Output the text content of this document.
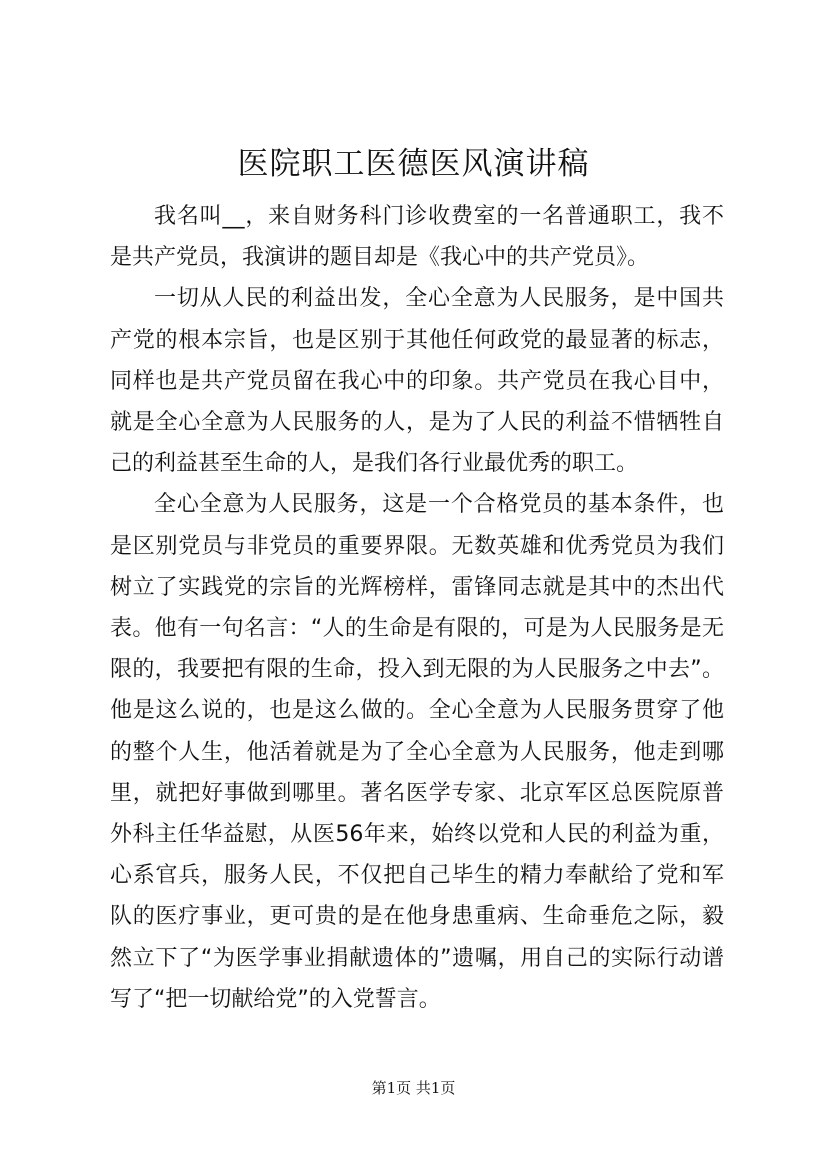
医院职工医德医风演讲稿

我名叫__，来自财务科门诊收费室的一名普通职工，我不是共产党员，我演讲的题目却是《我心中的共产党员》。

一切从人民的利益出发，全心全意为人民服务，是中国共产党的根本宗旨，也是区别于其他任何政党的最显著的标志，同样也是共产党员留在我心中的印象。共产党员在我心目中，就是全心全意为人民服务的人，是为了人民的利益不惜牺牲自己的利益甚至生命的人，是我们各行业最优秀的职工。

全心全意为人民服务，这是一个合格党员的基本条件，也是区别党员与非党员的重要界限。无数英雄和优秀党员为我们树立了实践党的宗旨的光辉榜样，雷锋同志就是其中的杰出代表。他有一句名言：“人的生命是有限的，可是为人民服务是无限的，我要把有限的生命，投入到无限的为人民服务之中去”。他是这么说的，也是这么做的。全心全意为人民服务贯穿了他的整个人生，他活着就是为了全心全意为人民服务，他走到哪里，就把好事做到哪里。著名医学专家、北京军区总医院原普外科主任华益慰，从医56年来，始终以党和人民的利益为重，心系官兵，服务人民，不仅把自己毕生的精力奉献给了党和军队的医疗事业，更可贵的是在他身患重病、生命垂危之际，毅然立下了“为医学事业捐献遗体的”遗嘱，用自己的实际行动谱写了“把一切献给党”的入党誓言。

第1页 共1页
